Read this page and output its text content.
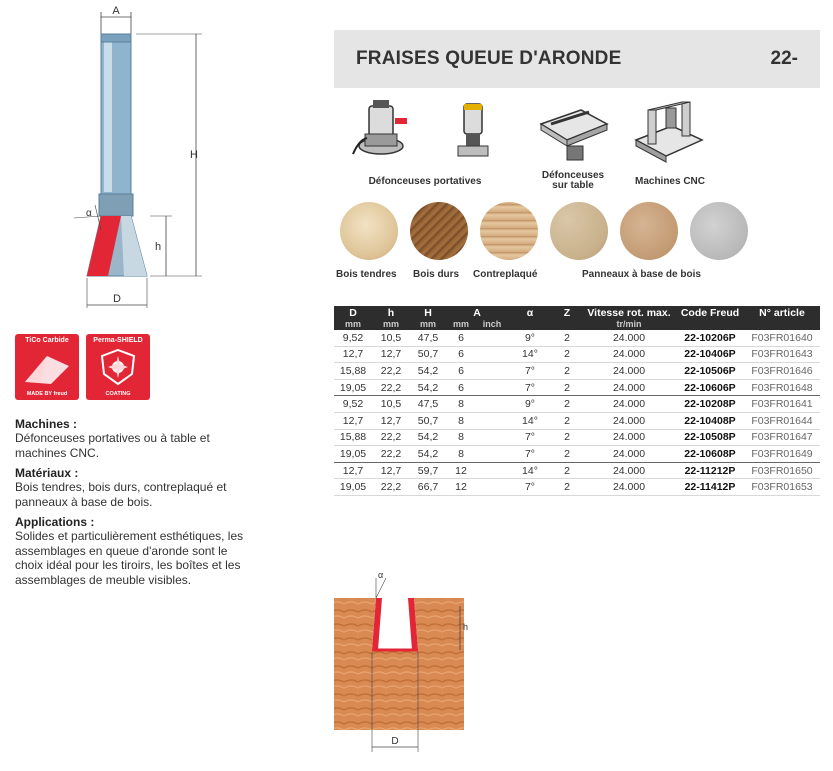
A
H
h
α
D
TiCo Carbide
MADE BY freud
Perma-SHIELD
COATING
Machines :

Défonceuses portatives ou à table et machines CNC.

Matériaux :

Bois tendres, bois durs, contreplaqué et panneaux à base de bois.

Applications :

Solides et particulièrement esthétiques, les assemblages en queue d'aronde sont le choix idéal pour les tiroirs, les boîtes et les assemblages de meuble visibles.

FRAISES QUEUE D'ARONDE	22-
Défonceuses portatives
Défonceuses sur table	Machines CNC
Bois tendres	Bois durs	Contreplaqué	Panneaux à base de bois
D	h	H	A		α	Z	Vitesse rot. max.	Code Freud	N° article
mm	mm	mm	mm	inch			tr/min		
9,52	10,5	47,5	6		9°	2	24.000	22-10206P	F03FR01640
12,7	12,7	50,7	6		14°	2	24.000	22-10406P	F03FR01643
15,88	22,2	54,2	6		7°	2	24.000	22-10506P	F03FR01646
19,05	22,2	54,2	6		7°	2	24.000	22-10606P	F03FR01648
9,52	10,5	47,5	8		9°	2	24.000	22-10208P	F03FR01641
12,7	12,7	50,7	8		14°	2	24.000	22-10408P	F03FR01644
15,88	22,2	54,2	8		7°	2	24.000	22-10508P	F03FR01647
19,05	22,2	54,2	8		7°	2	24.000	22-10608P	F03FR01649
12,7	12,7	59,7	12		14°	2	24.000	22-11212P	F03FR01650
19,05	22,2	66,7	12		7°	2	24.000	22-11412P	F03FR01653
α
h
D
